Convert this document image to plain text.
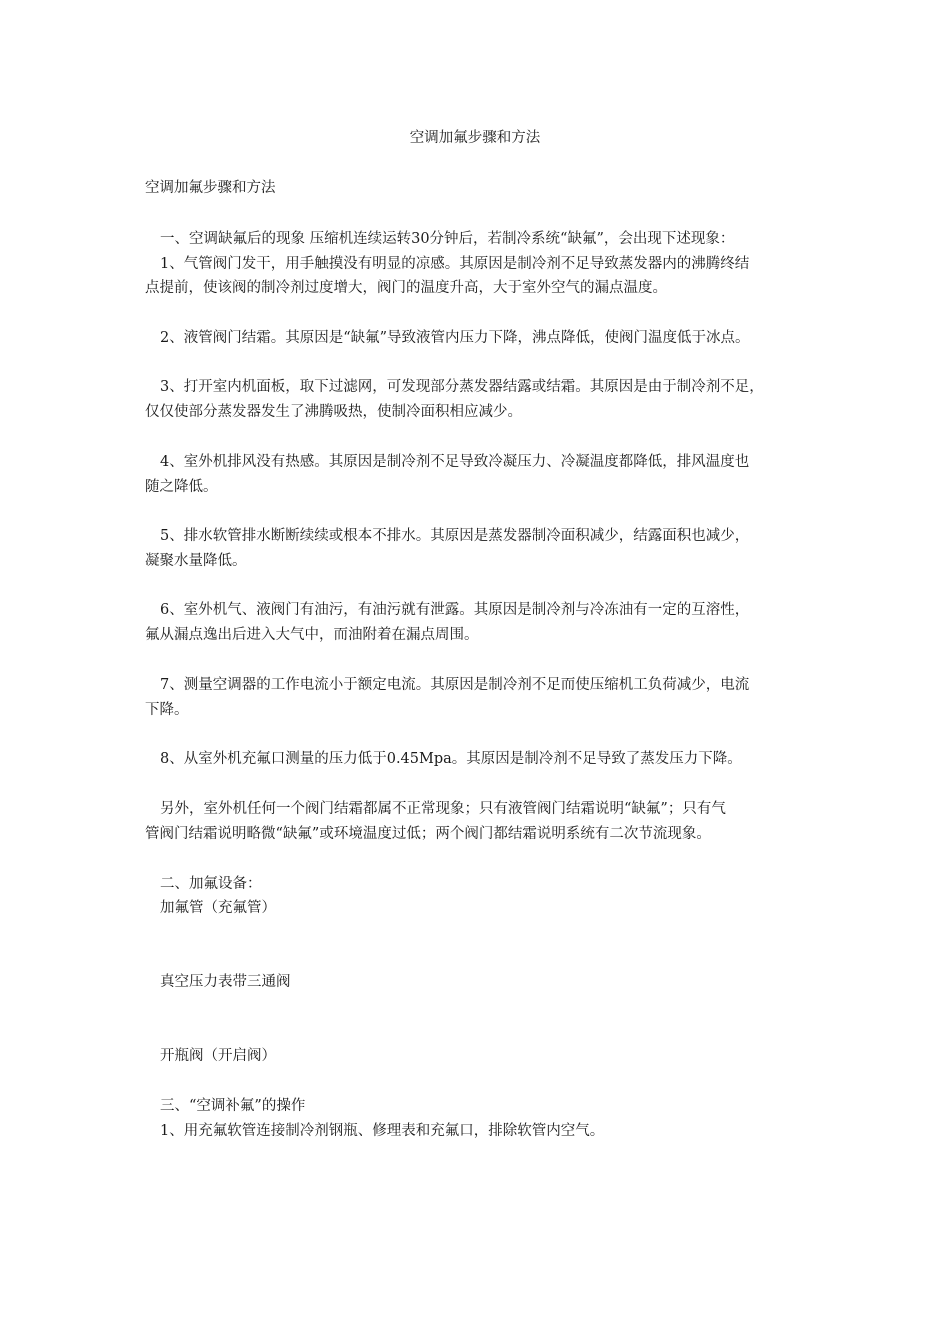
空调加氟步骤和方法
空调加氟步骤和方法
一、空调缺氟后的现象 压缩机连续运转30分钟后，若制冷系统“缺氟”，会出现下述现象：
1、气管阀门发干，用手触摸没有明显的凉感。其原因是制冷剂不足导致蒸发器内的沸腾终结
点提前，使该阀的制冷剂过度增大，阀门的温度升高，大于室外空气的漏点温度。
2、液管阀门结霜。其原因是“缺氟”导致液管内压力下降，沸点降低，使阀门温度低于冰点。
3、打开室内机面板，取下过滤网，可发现部分蒸发器结露或结霜。其原因是由于制冷剂不足，
仅仅使部分蒸发器发生了沸腾吸热，使制冷面积相应减少。
4、室外机排风没有热感。其原因是制冷剂不足导致冷凝压力、冷凝温度都降低，排风温度也
随之降低。
5、排水软管排水断断续续或根本不排水。其原因是蒸发器制冷面积减少，结露面积也减少，
凝聚水量降低。
6、室外机气、液阀门有油污，有油污就有泄露。其原因是制冷剂与冷冻油有一定的互溶性，
氟从漏点逸出后进入大气中，而油附着在漏点周围。
7、测量空调器的工作电流小于额定电流。其原因是制冷剂不足而使压缩机工负荷减少，电流
下降。
8、从室外机充氟口测量的压力低于0.45Mpa。其原因是制冷剂不足导致了蒸发压力下降。
另外，室外机任何一个阀门结霜都属不正常现象；只有液管阀门结霜说明“缺氟”；只有气
管阀门结霜说明略微“缺氟”或环境温度过低；两个阀门都结霜说明系统有二次节流现象。
二、加氟设备：
加氟管（充氟管）
真空压力表带三通阀
开瓶阀（开启阀）
三、“空调补氟”的操作
1、用充氟软管连接制冷剂钢瓶、修理表和充氟口，排除软管内空气。
